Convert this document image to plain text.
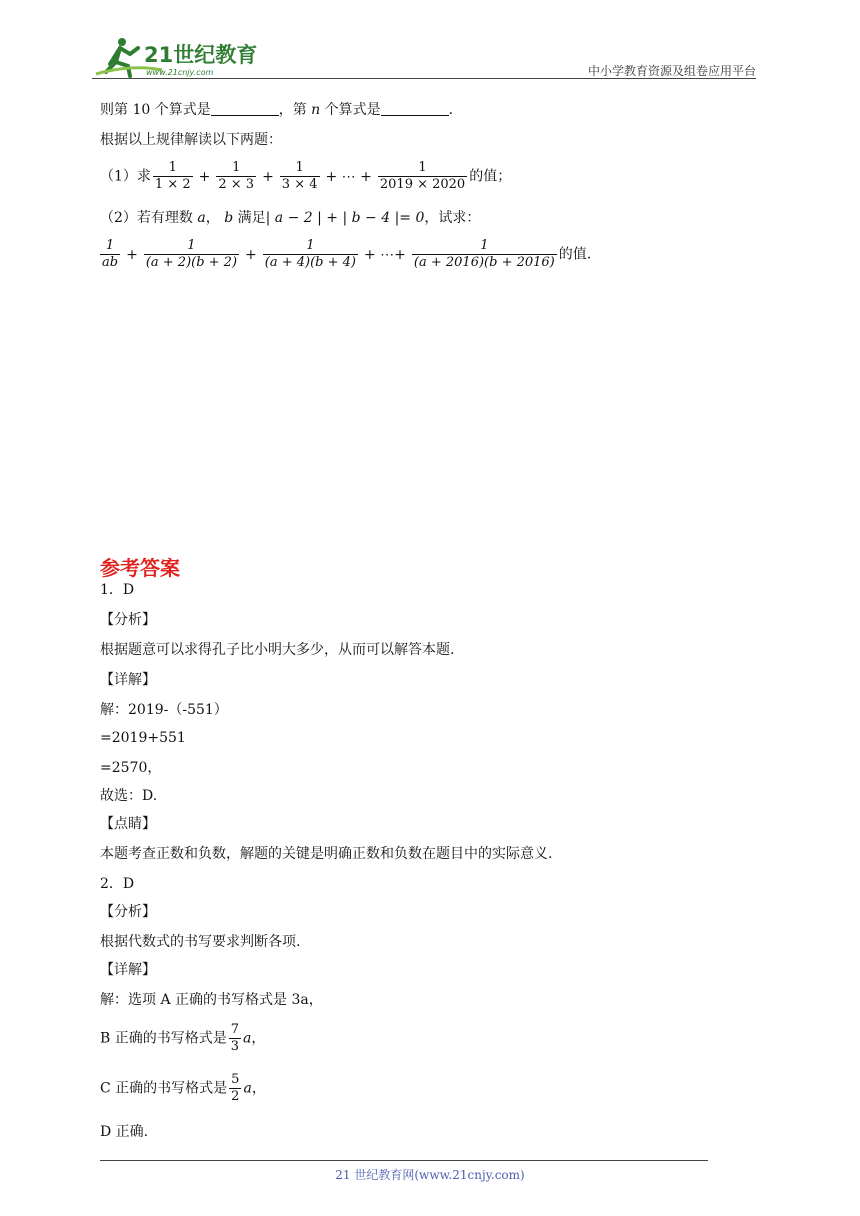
21世纪教育
www.21cnjy.com	中小学教育资源及组卷应用平台
则第 10 个算式是	，第 n 个算式是	.
根据以上规律解读以下两题：
（1）求 $\frac{1}{1 \times 2} + \frac{1}{2 \times 3} + \frac{1}{3 \times 4}$ + ⋯ + $\frac{1}{2019 \times 2020}$ 的值；
（2）若有理数 a， b 满足| a − 2 | + | b − 4 |= 0，试求：
$\frac{1}{ab} + \frac{1}{(a + 2)(b + 2)} + \frac{1}{(a + 4)(b + 4)}$ + ⋯+ $\frac{1}{(a + 2016)(b + 2016)}$ 的值.
参考答案
1．D
【分析】
根据题意可以求得孔子比小明大多少，从而可以解答本题.
【详解】
解：2019-（-551）
=2019+551
=2570，
故选：D.
【点睛】
本题考查正数和负数，解题的关键是明确正数和负数在题目中的实际意义.
2．D
【分析】
根据代数式的书写要求判断各项.
【详解】
解：选项 A 正确的书写格式是 3a，
B 正确的书写格式是 $\frac{7}{3}$ a，
C 正确的书写格式是 $\frac{5}{2}$ a，
D 正确.
21 世纪教育网(www.21cnjy.com)
